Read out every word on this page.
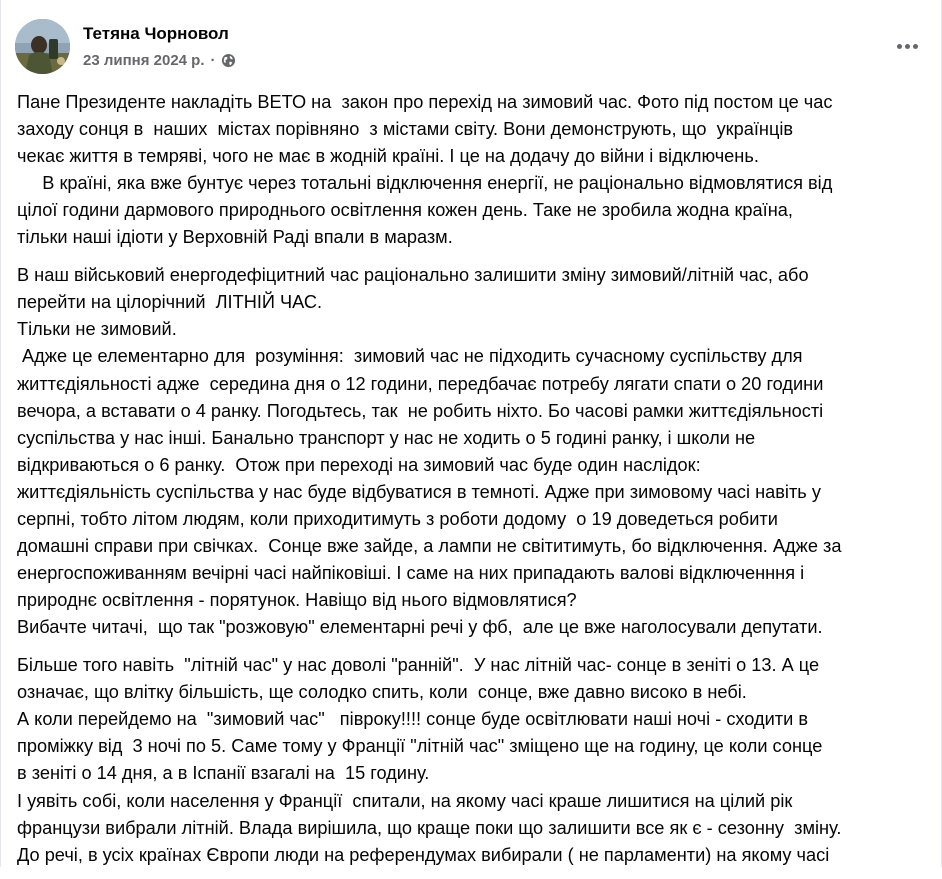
Тетяна Чорновол
23 липня 2024 р. ·
Пане Президенте накладіть ВЕТО на  закон про перехід на зимовий час. Фото під постом це час
заходу сонця в  наших  містах порівняно  з містами світу. Вони демонструють, що  українців
чекає життя в темряві, чого не має в жодній країні. І це на додачу до війни і відключень.
В країні, яка вже бунтує через тотальні відключення енергії, не раціонально відмовлятися від
цілої години дармового природнього освітлення кожен день. Таке не зробила жодна країна,
тільки наші ідіоти у Верховній Раді впали в маразм.
В наш військовий енергодефіцитний час раціонально залишити зміну зимовий/літній час, або
перейти на цілорічний  ЛІТНІЙ ЧАС.
Тільки не зимовий.
Адже це елементарно для  розуміння:  зимовий час не підходить сучасному суспільству для
життєдіяльності адже  середина дня о 12 години, передбачає потребу лягати спати о 20 години
вечора, а вставати о 4 ранку. Погодьтесь, так  не робить ніхто. Бо часові рамки життєдіяльності
суспільства у нас інші. Банально транспорт у нас не ходить о 5 годині ранку, і школи не
відкриваються о 6 ранку.  Отож при переході на зимовий час буде один наслідок:
життєдіяльність суспільства у нас буде відбуватися в темноті. Адже при зимовому часі навіть у
серпні, тобто літом людям, коли приходитимуть з роботи додому  о 19 доведеться робити
домашні справи при свічках.  Сонце вже зайде, а лампи не світитимуть, бо відключення. Адже за
енергоспоживанням вечірні часі найпіковіші. І саме на них припадають валові відключенння і
природнє освітлення - порятунок. Навіщо від нього відмовлятися?
Вибачте читачі,  що так "розжовую" елементарні речі у фб,  але це вже наголосували депутати.
Більше того навіть  "літній час" у нас доволі "ранній".  У нас літній час- сонце в зеніті о 13. А це
означає, що влітку більшість, ще солодко спить, коли  сонце, вже давно високо в небі.
А коли перейдемо на  "зимовий час"   півроку!!!! сонце буде освітлювати наші ночі - сходити в
проміжку від  3 ночі по 5. Саме тому у Франції "літній час" зміщено ще на годину, це коли сонце
в зеніті о 14 дня, а в Іспанії взагалі на  15 годину.
І уявіть собі, коли населення у Франції  спитали, на якому часі краше лишитися на цілий рік
французи вибрали літній. Влада вирішила, що краще поки що залишити все як є - сезонну  зміну.
До речі, в усіх країнах Європи люди на референдумах вибирали ( не парламенти) на якому часі
